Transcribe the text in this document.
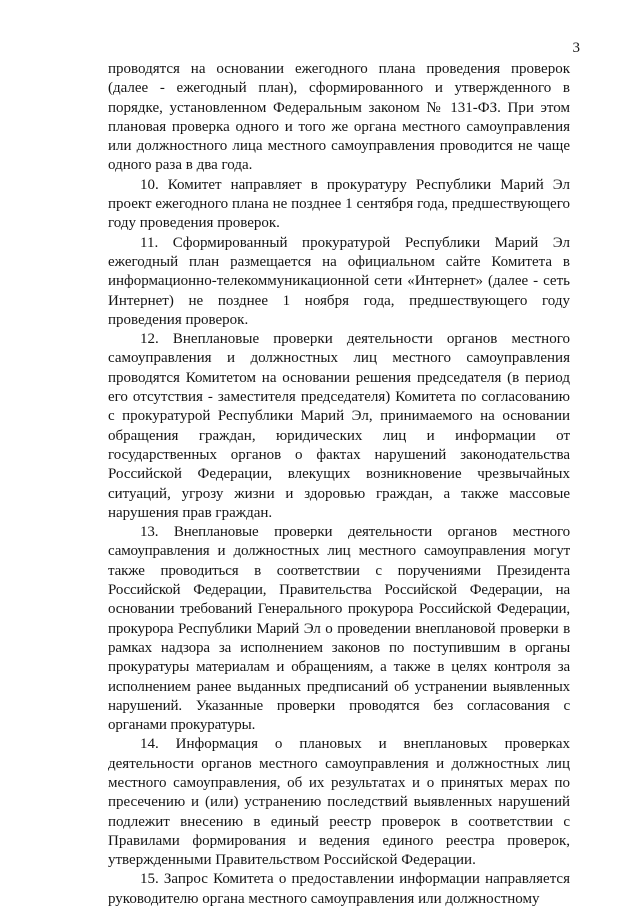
3

проводятся на основании ежегодного плана проведения проверок (далее - ежегодный план), сформированного и утвержденного в порядке, установленном Федеральным законом № 131-ФЗ. При этом плановая проверка одного и того же органа местного самоуправления или должностного лица местного самоуправления проводится не чаще одного раза в два года.

10. Комитет направляет в прокуратуру Республики Марий Эл проект ежегодного плана не позднее 1 сентября года, предшествующего году проведения проверок.

11. Сформированный прокуратурой Республики Марий Эл ежегодный план размещается на официальном сайте Комитета в информационно-телекоммуникационной сети «Интернет» (далее - сеть Интернет) не позднее 1 ноября года, предшествующего году проведения проверок.

12. Внеплановые проверки деятельности органов местного самоуправления и должностных лиц местного самоуправления проводятся Комитетом на основании решения председателя (в период его отсутствия - заместителя председателя) Комитета по согласованию с прокуратурой Республики Марий Эл, принимаемого на основании обращения граждан, юридических лиц и информации от государственных органов о фактах нарушений законодательства Российской Федерации, влекущих возникновение чрезвычайных ситуаций, угрозу жизни и здоровью граждан, а также массовые нарушения прав граждан.

13. Внеплановые проверки деятельности органов местного самоуправления и должностных лиц местного самоуправления могут также проводиться в соответствии с поручениями Президента Российской Федерации, Правительства Российской Федерации, на основании требований Генерального прокурора Российской Федерации, прокурора Республики Марий Эл о проведении внеплановой проверки в рамках надзора за исполнением законов по поступившим в органы прокуратуры материалам и обращениям, а также в целях контроля за исполнением ранее выданных предписаний об устранении выявленных нарушений. Указанные проверки проводятся без согласования с органами прокуратуры.

14. Информация о плановых и внеплановых проверках деятельности органов местного самоуправления и должностных лиц местного самоуправления, об их результатах и о принятых мерах по пресечению и (или) устранению последствий выявленных нарушений подлежит внесению в единый реестр проверок в соответствии с Правилами формирования и ведения единого реестра проверок, утвержденными Правительством Российской Федерации.

15. Запрос Комитета о предоставлении информации направляется руководителю органа местного самоуправления или должностному
